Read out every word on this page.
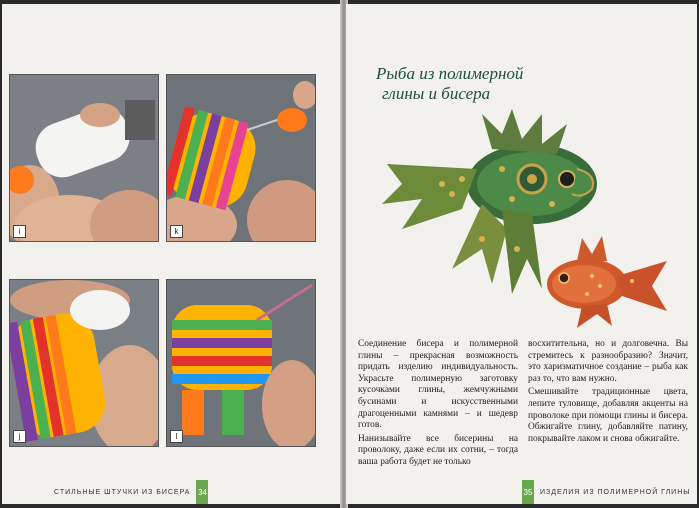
i	k
j	l
СТИЛЬНЫЕ ШТУЧКИ ИЗ БИСЕРА 34
Рыба из полимерной
глины и бисера

Соединение бисера и полимерной глины – прекрасная возможность придать изделию индивидуальность. Украсьте полимерную заготовку кусочками глины, жемчужными бусинами и искусственными драгоценными камнями – и шедевр готов.

Нанизывайте все бисерины на проволоку, даже если их сотни, – тогда ваша работа будет не только

восхитительна, но и долговечна. Вы стремитесь к разнообразию? Значит, это харизматичное создание – рыба как раз то, что вам нужно.

Смешивайте традиционные цвета, лепите туловище, добавляя акценты на проволоке при помощи глины и бисера. Обжигайте глину, добавляйте патину, покрывайте лаком и снова обжигайте.

35 ИЗДЕЛИЯ ИЗ ПОЛИМЕРНОЙ ГЛИНЫ
